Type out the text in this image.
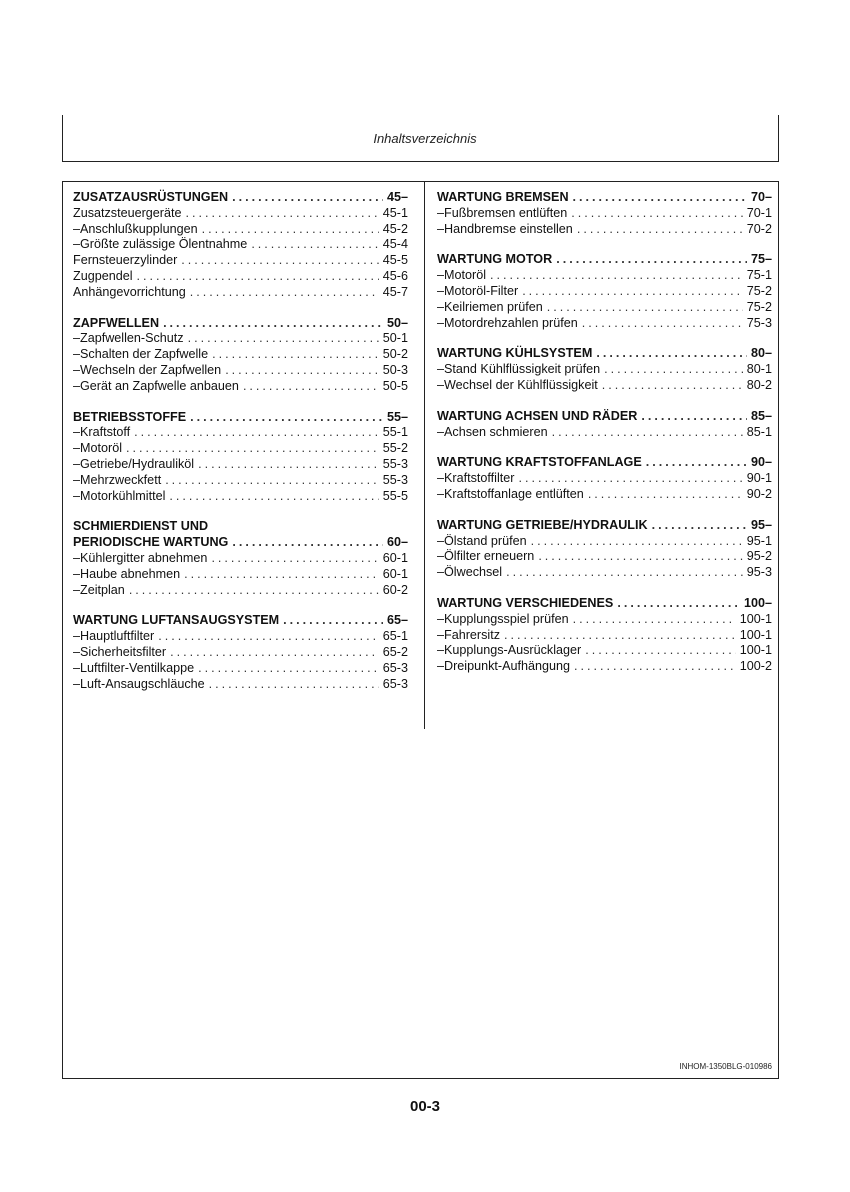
Inhaltsverzeichnis
ZUSATZAUSRÜSTUNGEN .....	45–
Zusatzsteuergeräte .....	45-1
–Anschlußkupplungen .....	45-2
–Größte zulässige Ölentnahme .....	45-4
Fernsteuerzylinder .....	45-5
Zugpendel .....	45-6
Anhängevorrichtung .....	45-7
ZAPFWELLEN .....	50–
–Zapfwellen-Schutz .....	50-1
–Schalten der Zapfwelle .....	50-2
–Wechseln der Zapfwellen .....	50-3
–Gerät an Zapfwelle anbauen .....	50-5
BETRIEBSSTOFFE .....	55–
–Kraftstoff .....	55-1
–Motoröl .....	55-2
–Getriebe/Hydrauliköl .....	55-3
–Mehrzweckfett .....	55-3
–Motorkühlmittel .....	55-5
SCHMIERDIENST UND
PERIODISCHE WARTUNG .....	60–
–Kühlergitter abnehmen .....	60-1
–Haube abnehmen .....	60-1
–Zeitplan .....	60-2
WARTUNG LUFTANSAUGSYSTEM .....	65–
–Hauptluftfilter .....	65-1
–Sicherheitsfilter .....	65-2
–Luftfilter-Ventilkappe .....	65-3
–Luft-Ansaugschläuche .....	65-3
WARTUNG BREMSEN .....	70–
–Fußbremsen entlüften .....	70-1
–Handbremse einstellen .....	70-2
WARTUNG MOTOR .....	75–
–Motoröl .....	75-1
–Motoröl-Filter .....	75-2
–Keilriemen prüfen .....	75-2
–Motordrehzahlen prüfen .....	75-3
WARTUNG KÜHLSYSTEM .....	80–
–Stand Kühlflüssigkeit prüfen .....	80-1
–Wechsel der Kühlflüssigkeit .....	80-2
WARTUNG ACHSEN UND RÄDER .....	85–
–Achsen schmieren .....	85-1
WARTUNG KRAFTSTOFFANLAGE .....	90–
–Kraftstoffilter .....	90-1
–Kraftstoffanlage entlüften .....	90-2
WARTUNG GETRIEBE/HYDRAULIK .....	95–
–Ölstand prüfen .....	95-1
–Ölfilter erneuern .....	95-2
–Ölwechsel .....	95-3
WARTUNG VERSCHIEDENES .....	100–
–Kupplungsspiel prüfen .....	100-1
–Fahrersitz .....	100-1
–Kupplungs-Ausrücklager .....	100-1
–Dreipunkt-Aufhängung .....	100-2
INHOM-1350BLG-010986
00-3
